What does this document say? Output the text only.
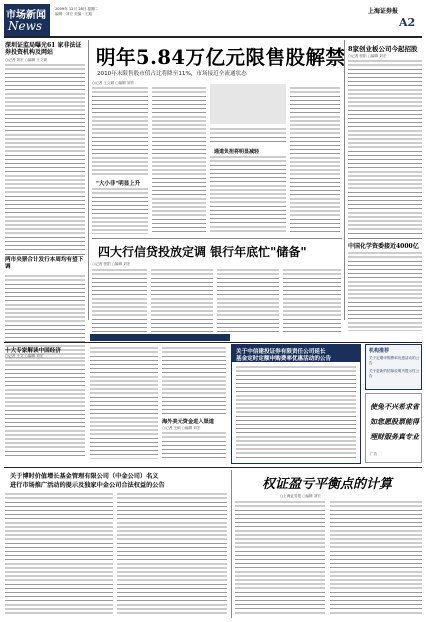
市场新闻
News
2009年 12月 28日 星期二
编辑：刘宏 美编：王旭	上海证券报
A2
深圳证监局曝光61 家非法证券投资机构及网站
○记者 刘宏 ○编辑 王文硕	明年5.84万亿元限售股解禁
2010年末限售股市值占比将降至11%，市场接近全流通状态
○记者 王文硕 ○编辑 刘宏
"大小非"明显上升
通道负担将明显减轻
8家创业板公司今起招股
○记者 张阳 ○编辑 刘宏
中国化学资委接近4000亿
两市央票合计发行本周均有望下调
四大行信贷投放定调 银行年底忙"储备"
○记者 张阳 ○编辑 刘宏
十大专家解读中国经济
○记者 王文 ○编辑 刘宏
海外美元资金进入渠道
○记者 王硕 ○编辑 刘宏
关于中信建投证券有限责任公司延长
基金定时定额申购费率优惠活动的公告
机构推荐
关于定增申购费率优惠活动的公告
关于更新的招募说明书提示性公告
使兔不兴希求省
如您愿股票能得
理财服务真专业
广告
关于博时价值增长基金管理有限公司（中金公司）名义
进行市场推广活动的提示及独家中金公司合法权益的公告	权证盈亏平衡点的计算
○上海证券报 ○编辑 刘宏
